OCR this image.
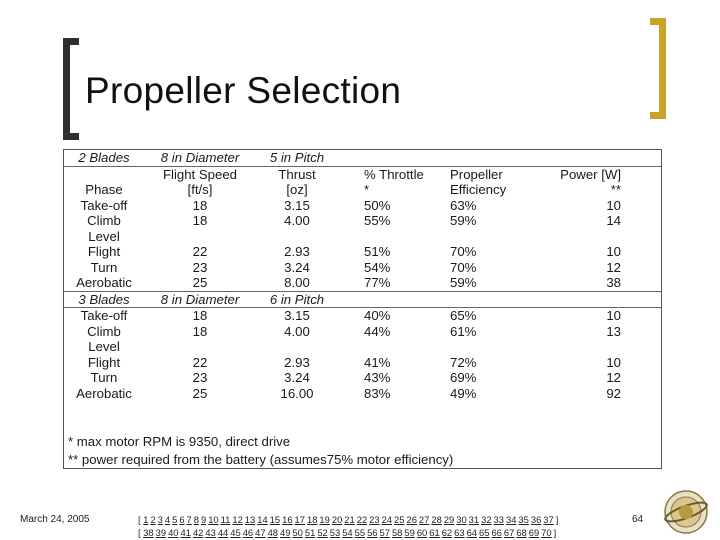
Propeller Selection
2 Blades	8 in Diameter	5 in Pitch			
	Flight Speed	Thrust	% Throttle	Propeller	Power [W]
Phase	[ft/s]	[oz]	*	Efficiency	**
Take-off	18	3.15	50%	63%	10
Climb	18	4.00	55%	59%	14
Level					
Flight	22	2.93	51%	70%	10
Turn	23	3.24	54%	70%	12
Aerobatic	25	8.00	77%	59%	38
3 Blades	8 in Diameter	6 in Pitch			
Take-off	18	3.15	40%	65%	10
Climb	18	4.00	44%	61%	13
Level					
Flight	22	2.93	41%	72%	10
Turn	23	3.24	43%	69%	12
Aerobatic	25	16.00	83%	49%	92
* max motor RPM is 9350, direct drive
** power required from the battery (assumes75% motor efficiency)
March 24, 2005	[ 1 2 3 4 5 6 7 8 9 10 11 12 13 14 15 16 17 18 19 20 21 22 23 24 25 26 27 28 29 30 31 32 33 34 35 36 37 ]
[ 38 39 40 41 42 43 44 45 46 47 48 49 50 51 52 53 54 55 56 57 58 59 60 61 62 63 64 65 66 67 68 69 70 ]
64
